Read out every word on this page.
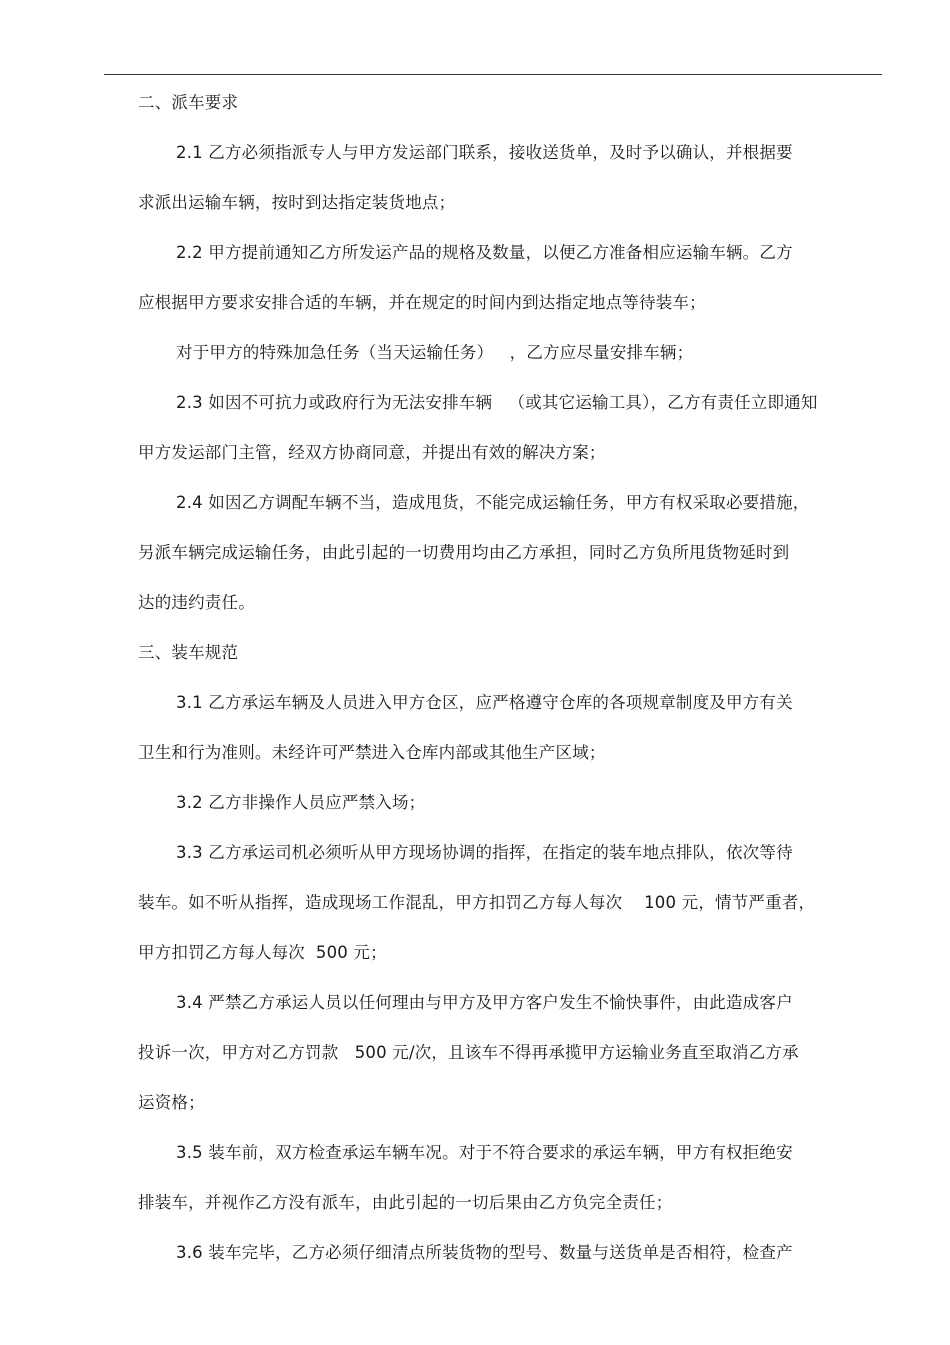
二、派车要求
2.1 乙方必须指派专人与甲方发运部门联系，接收送货单，及时予以确认，并根据要
求派出运输车辆，按时到达指定装货地点；
2.2 甲方提前通知乙方所发运产品的规格及数量，以便乙方准备相应运输车辆。乙方
应根据甲方要求安排合适的车辆，并在规定的时间内到达指定地点等待装车；
对于甲方的特殊加急任务（当天运输任务）   ，乙方应尽量安排车辆；
2.3 如因不可抗力或政府行为无法安排车辆   （或其它运输工具），乙方有责任立即通知
甲方发运部门主管，经双方协商同意，并提出有效的解决方案；
2.4 如因乙方调配车辆不当，造成甩货，不能完成运输任务，甲方有权采取必要措施，
另派车辆完成运输任务，由此引起的一切费用均由乙方承担，同时乙方负所甩货物延时到
达的违约责任。
三、装车规范
3.1 乙方承运车辆及人员进入甲方仓区，应严格遵守仓库的各项规章制度及甲方有关
卫生和行为准则。未经许可严禁进入仓库内部或其他生产区域；
3.2 乙方非操作人员应严禁入场；
3.3 乙方承运司机必须听从甲方现场协调的指挥，在指定的装车地点排队，依次等待
装车。如不听从指挥，造成现场工作混乱，甲方扣罚乙方每人每次    100 元，情节严重者，
甲方扣罚乙方每人每次  500 元；
3.4 严禁乙方承运人员以任何理由与甲方及甲方客户发生不愉快事件，由此造成客户
投诉一次，甲方对乙方罚款   500 元/次，且该车不得再承揽甲方运输业务直至取消乙方承
运资格；
3.5 装车前，双方检查承运车辆车况。对于不符合要求的承运车辆，甲方有权拒绝安
排装车，并视作乙方没有派车，由此引起的一切后果由乙方负完全责任；
3.6 装车完毕，乙方必须仔细清点所装货物的型号、数量与送货单是否相符，检查产
